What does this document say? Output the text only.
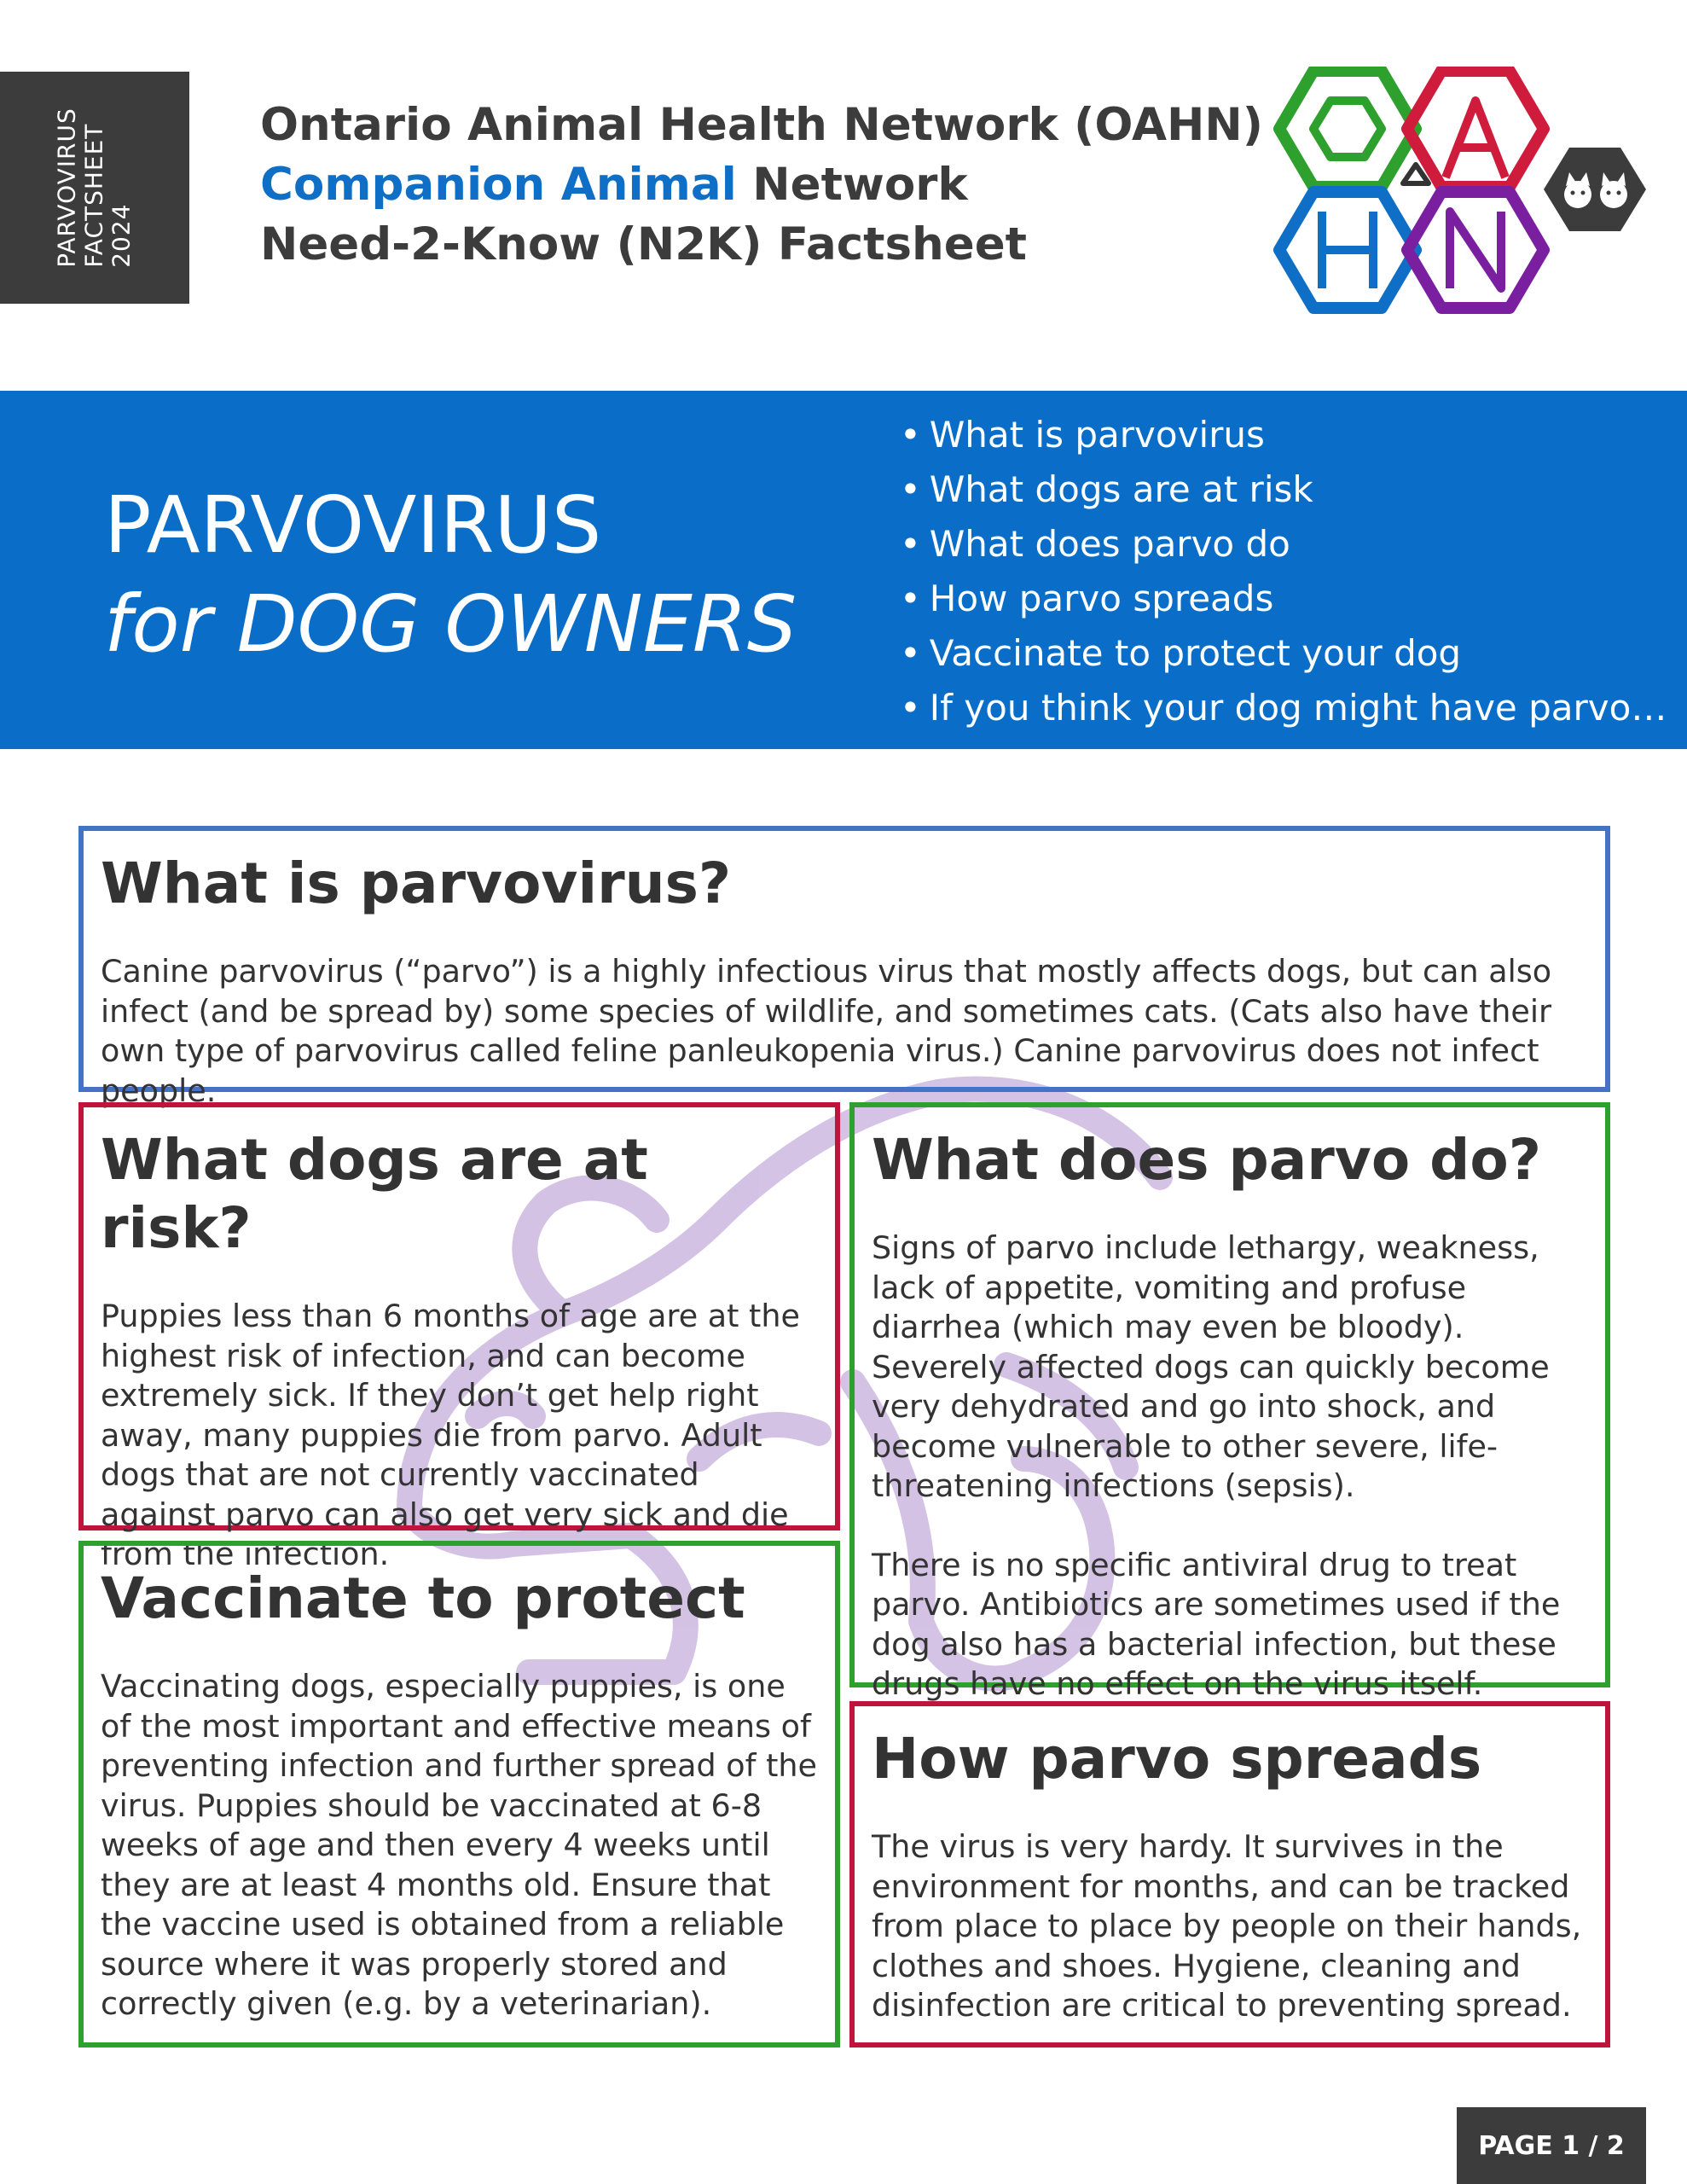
PARVOVIRUS FACTSHEET 2024
Ontario Animal Health Network (OAHN)
Companion Animal Network
Need-2-Know (N2K) Factsheet
PARVOVIRUS
for DOG OWNERS
• What is parvovirus
• What dogs are at risk
• What does parvo do
• How parvo spreads
• Vaccinate to protect your dog
• If you think your dog might have parvo…
What is parvovirus?

Canine parvovirus (“parvo”) is a highly infectious virus that mostly affects dogs, but can also infect (and be spread by) some species of wildlife, and sometimes cats. (Cats also have their own type of parvovirus called feline panleukopenia virus.) Canine parvovirus does not infect people.

What dogs are at risk?

Puppies less than 6 months of age are at the highest risk of infection, and can become extremely sick. If they don’t get help right away, many puppies die from parvo. Adult dogs that are not currently vaccinated against parvo can also get very sick and die from the infection.

What does parvo do?

Signs of parvo include lethargy, weakness, lack of appetite, vomiting and profuse diarrhea (which may even be bloody). Severely affected dogs can quickly become very dehydrated and go into shock, and become vulnerable to other severe, life-threatening infections (sepsis).

There is no specific antiviral drug to treat parvo. Antibiotics are sometimes used if the dog also has a bacterial infection, but these drugs have no effect on the virus itself.

Vaccinate to protect

Vaccinating dogs, especially puppies, is one of the most important and effective means of preventing infection and further spread of the virus. Puppies should be vaccinated at 6-8 weeks of age and then every 4 weeks until they are at least 4 months old. Ensure that the vaccine used is obtained from a reliable source where it was properly stored and correctly given (e.g. by a veterinarian).

How parvo spreads

The virus is very hardy. It survives in the environment for months, and can be tracked from place to place by people on their hands, clothes and shoes. Hygiene, cleaning and disinfection are critical to preventing spread.

PAGE 1 / 2
